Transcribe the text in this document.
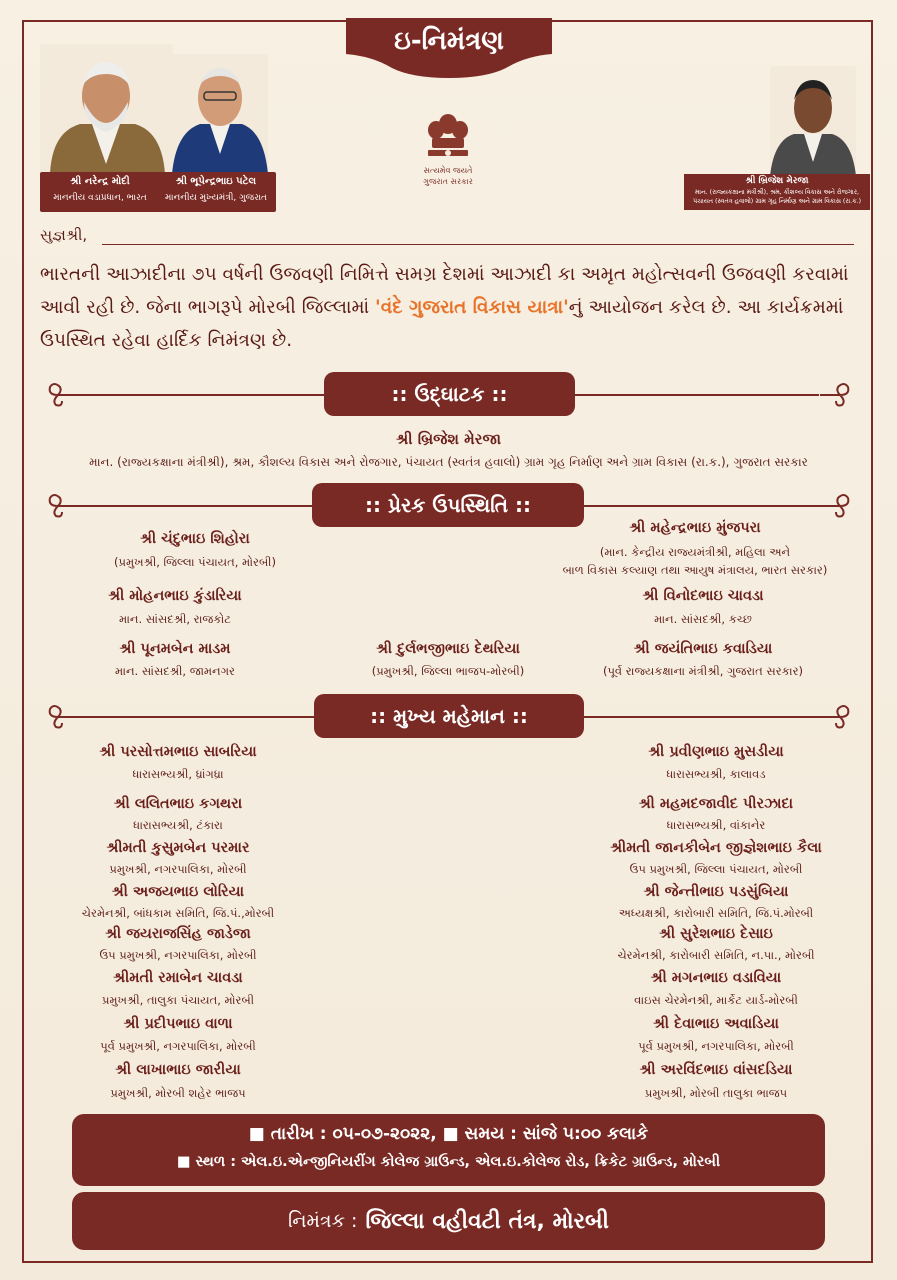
ઇ-નિમંત્રણ
શ્રી નરેન્દ્ર મોદી
માનનીય વડાપ્રધાન, ભારત
શ્રી ભૂપેન્દ્રભાઇ પટેલ
માનનીય મુખ્યમંત્રી, ગુજરાત
શ્રી બ્રિજેશ મેરજા
માન. (રાજ્યકક્ષાના મંત્રીશ્રી), શ્રમ, કૌશલ્ય વિકાસ અને રોજગાર,
પંચાયત (સ્વતંત્ર હવાલો) ગ્રામ ગૃહ નિર્માણ અને ગ્રામ વિકાસ (રા.ક.)
સત્યમેવ જયતે
ગુજરાત સરકાર
સુજ્ઞશ્રી,
ભારતની આઝાદીના ૭૫ વર્ષની ઉજવણી નિમિત્તે સમગ્ર દેશમાં આઝાદી કા અમૃત મહોત્સવની ઉજવણી કરવામાં આવી રહી છે. જેના ભાગરૂપે મોરબી જિલ્લામાં 'વંદે ગુજરાત વિકાસ યાત્રા'નું આયોજન કરેલ છે. આ કાર્યક્રમમાં ઉપસ્થિત રહેવા હાર્દિક નિમંત્રણ છે.
:: ઉદ્‌ઘાટક ::
શ્રી બ્રિજેશ મેરજા
માન. (રાજ્યકક્ષાના મંત્રીશ્રી), શ્રમ, કૌશલ્ય વિકાસ અને રોજગાર, પંચાયત (સ્વતંત્ર હવાલો) ગ્રામ ગૃહ નિર્માણ અને ગ્રામ વિકાસ (રા.ક.), ગુજરાત સરકાર
:: પ્રેરક ઉપસ્થિતિ ::
શ્રી ચંદુભાઇ શિહોરા
(પ્રમુખશ્રી, જિલ્લા પંચાયત, મોરબી)
શ્રી મહેન્દ્રભાઇ મુંજપરા
(માન. કેન્દ્રીય રાજ્યમંત્રીશ્રી, મહિલા અને
બાળ વિકાસ કલ્યાણ તથા આયુષ મંત્રાલય, ભારત સરકાર)
શ્રી મોહનભાઇ કુંડારિયા
માન. સાંસદશ્રી, રાજકોટ
શ્રી વિનોદભાઇ ચાવડા
માન. સાંસદશ્રી, કચ્છ
શ્રી પૂનમબેન માડમ
માન. સાંસદશ્રી, જામનગર
શ્રી દુર્લભજીભાઇ દેથરિયા
(પ્રમુખશ્રી, જિલ્લા ભાજપ-મોરબી)
શ્રી જયંતિભાઇ કવાડિયા
(પૂર્વ રાજ્યકક્ષાના મંત્રીશ્રી, ગુજરાત સરકાર)
:: મુખ્ય મહેમાન ::
શ્રી પરસોત્તમભાઇ સાબરિયા
ધારાસભ્યશ્રી, ધ્રાંગધ્રા
શ્રી લલિતભાઇ કગથરા
ધારાસભ્યશ્રી, ટંકારા
શ્રીમતી કુસુમબેન પરમાર
પ્રમુખશ્રી, નગરપાલિકા, મોરબી
શ્રી અજયભાઇ લોરિયા
ચેરમેનશ્રી, બાંધકામ સમિતિ, જિ.પં.,મોરબી
શ્રી જયરાજસિંહ જાડેજા
ઉપ પ્રમુખશ્રી, નગરપાલિકા, મોરબી
શ્રીમતી રમાબેન ચાવડા
પ્રમુખશ્રી, તાલુકા પંચાયત, મોરબી
શ્રી પ્રદીપભાઇ વાળા
પૂર્વ પ્રમુખશ્રી, નગરપાલિકા, મોરબી
શ્રી લાખાભાઇ જારીયા
પ્રમુખશ્રી, મોરબી શહેર ભાજપ
શ્રી પ્રવીણભાઇ મુસડીયા
ધારાસભ્યશ્રી, કાલાવડ
શ્રી મહમદજાવીદ પીરઝાદા
ધારાસભ્યશ્રી, વાંકાનેર
શ્રીમતી જાનકીબેન જીજ્ઞેશભાઇ કૈલા
ઉપ પ્રમુખશ્રી, જિલ્લા પંચાયત, મોરબી
શ્રી જેન્તીભાઇ પડસુંબિયા
અધ્યક્ષશ્રી, કારોબારી સમિતિ, જિ.પં.મોરબી
શ્રી સુરેશભાઇ દેસાઇ
ચેરમેનશ્રી, કારોબારી સમિતિ, ન.પા., મોરબી
શ્રી મગનભાઇ વડાવિયા
વાઇસ ચેરમેનશ્રી, માર્કેટ યાર્ડ-મોરબી
શ્રી દેવાભાઇ અવાડિયા
પૂર્વ પ્રમુખશ્રી, નગરપાલિકા, મોરબી
શ્રી અરવિંદભાઇ વાંસદડિયા
પ્રમુખશ્રી, મોરબી તાલુકા ભાજપ
■ તારીખ : ૦૫-૦૭-૨૦૨૨, ■ સમય : સાંજે ૫:૦૦ કલાકે
■ સ્થળ : એલ.ઇ.એન્જીનિયરીંગ કોલેજ ગ્રાઉન્ડ, એલ.ઇ.કોલેજ રોડ, ક્રિકેટ ગ્રાઉન્ડ, મોરબી
નિમંત્રક : જિલ્લા વહીવટી તંત્ર, મોરબી
